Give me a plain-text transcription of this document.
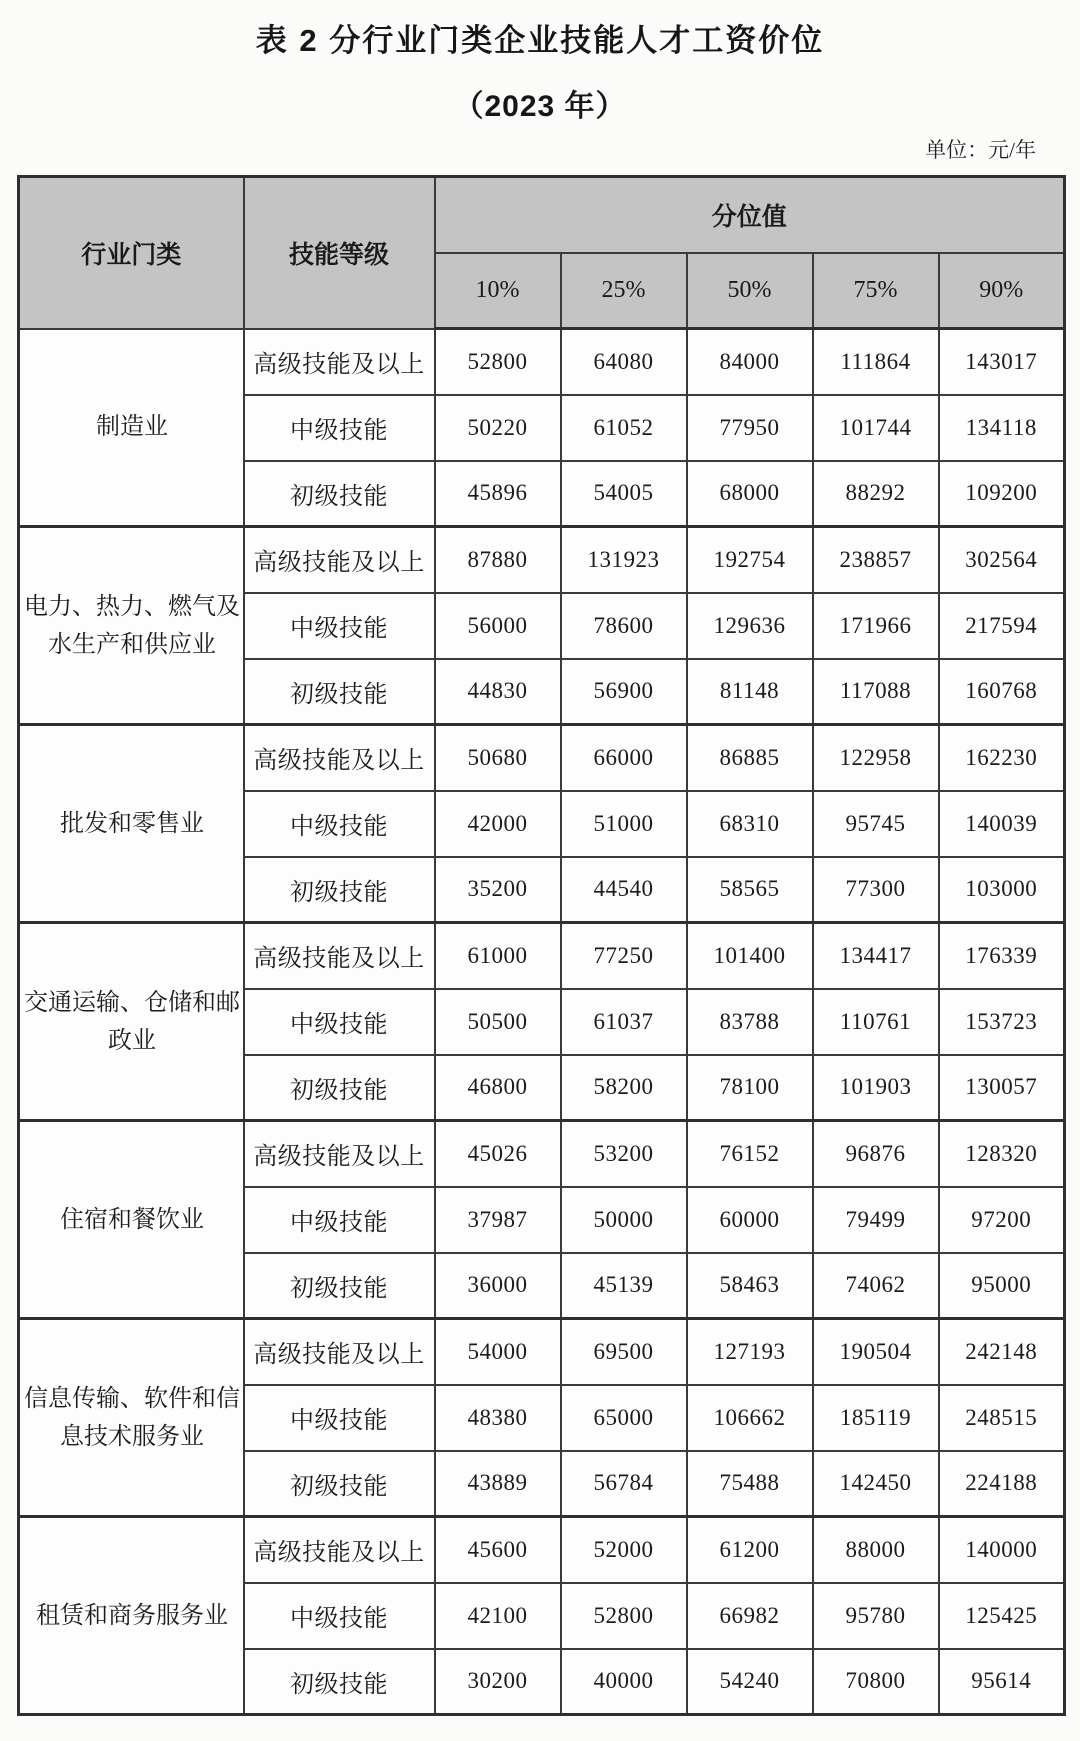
表 2 分行业门类企业技能人才工资价位
（2023 年）
单位：元/年
行业门类	技能等级	分位值				
		10%	25%	50%	75%	90%

制造业	高级技能及以上	52800	64080	84000	111864	143017
	中级技能	50220	61052	77950	101744	134118
	初级技能	45896	54005	68000	88292	109200

电力、热力、燃气及水生产和供应业	高级技能及以上	87880	131923	192754	238857	302564
	中级技能	56000	78600	129636	171966	217594
	初级技能	44830	56900	81148	117088	160768

批发和零售业	高级技能及以上	50680	66000	86885	122958	162230
	中级技能	42000	51000	68310	95745	140039
	初级技能	35200	44540	58565	77300	103000

交通运输、仓储和邮政业	高级技能及以上	61000	77250	101400	134417	176339
	中级技能	50500	61037	83788	110761	153723
	初级技能	46800	58200	78100	101903	130057

住宿和餐饮业	高级技能及以上	45026	53200	76152	96876	128320
	中级技能	37987	50000	60000	79499	97200
	初级技能	36000	45139	58463	74062	95000

信息传输、软件和信息技术服务业	高级技能及以上	54000	69500	127193	190504	242148
	中级技能	48380	65000	106662	185119	248515
	初级技能	43889	56784	75488	142450	224188

租赁和商务服务业	高级技能及以上	45600	52000	61200	88000	140000
	中级技能	42100	52800	66982	95780	125425
	初级技能	30200	40000	54240	70800	95614
